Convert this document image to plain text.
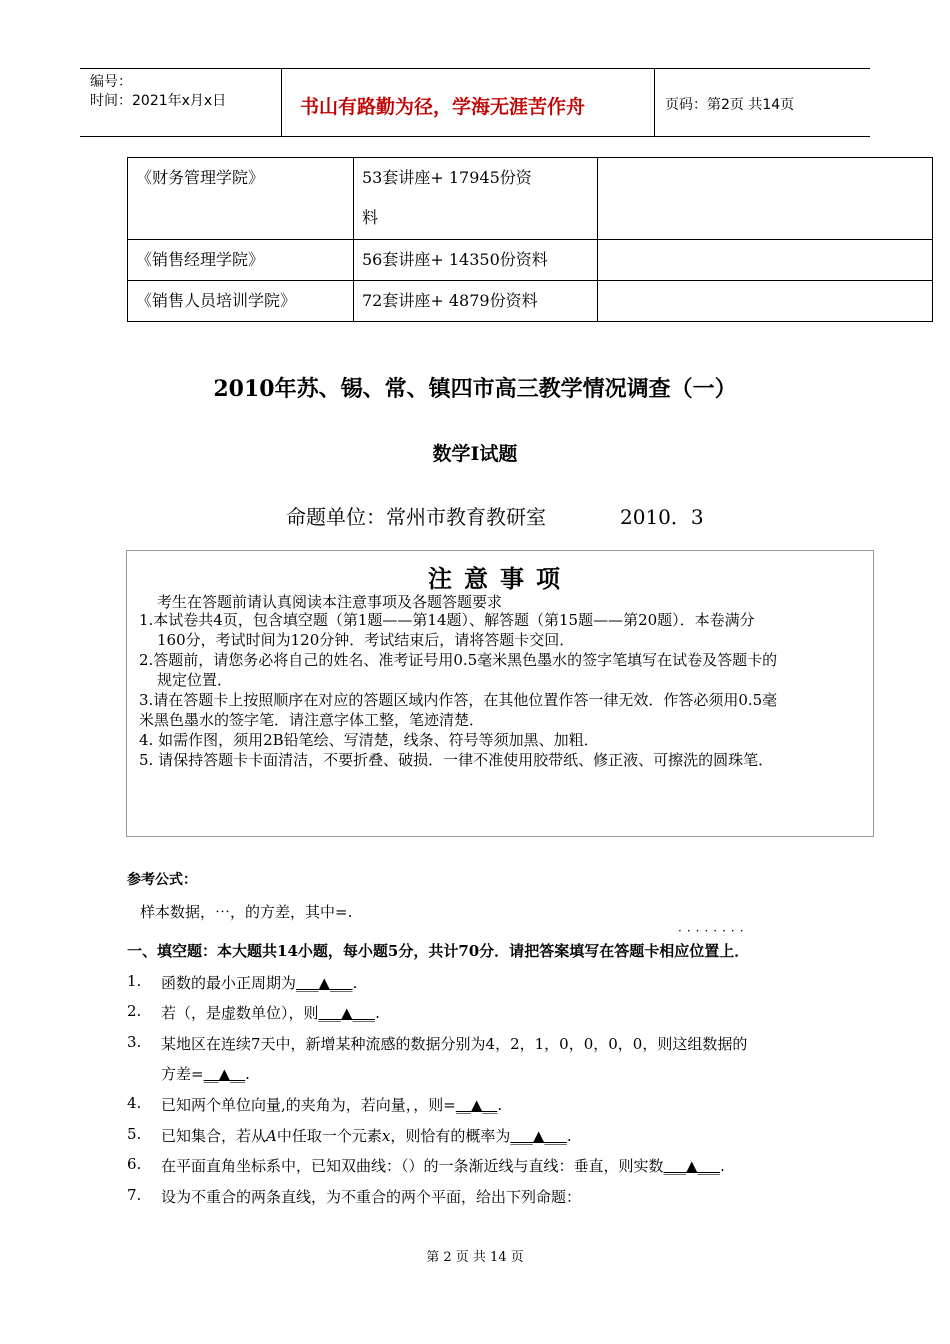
编号：
时间：2021年x月x日	书山有路勤为径，学海无涯苦作舟	页码：第2页 共14页
《财务管理学院》	53套讲座+ 17945份资
料	

《销售经理学院》	56套讲座+ 14350份资料	
《销售人员培训学院》	72套讲座+ 4879份资料	
2010年苏、锡、常、镇四市高三教学情况调查（一）
数学Ⅰ试题
命题单位：常州市教育教研室	2010．3
注意事项
考生在答题前请认真阅读本注意事项及各题答题要求
1.本试卷共4页，包含填空题（第1题——第14题）、解答题（第15题——第20题）．本卷满分
160分，考试时间为120分钟．考试结束后，请将答题卡交回．
2.答题前，请您务必将自己的姓名、准考证号用0.5毫米黑色墨水的签字笔填写在试卷及答题卡的
规定位置．
3.请在答题卡上按照顺序在对应的答题区域内作答，在其他位置作答一律无效．作答必须用0.5毫
米黑色墨水的签字笔．请注意字体工整，笔迹清楚．
4. 如需作图，须用2B铅笔绘、写清楚，线条、符号等须加黑、加粗．
5. 请保持答题卡卡面清洁，不要折叠、破损．一律不准使用胶带纸、修正液、可擦洗的圆珠笔．
参考公式：
样本数据，⋯，的方差，其中=.
········
一、填空题：本大题共14小题，每小题5分，共计70分．请把答案填写在答题卡相应位置上．
1. 函数的最小正周期为___▲___.
2. 若（，是虚数单位），则___▲___.
3. 某地区在连续7天中，新增某种流感的数据分别为4，2，1，0，0，0，0，则这组数据的
方差=__▲__.
4. 已知两个单位向量,的夹角为，若向量，，则=__▲__.
5. 已知集合，若从A中任取一个元素x，则恰有的概率为___▲___.
6. 在平面直角坐标系中，已知双曲线：（）的一条渐近线与直线：垂直，则实数___▲___.
7. 设为不重合的两条直线，为不重合的两个平面，给出下列命题：
第 2 页 共 14 页
